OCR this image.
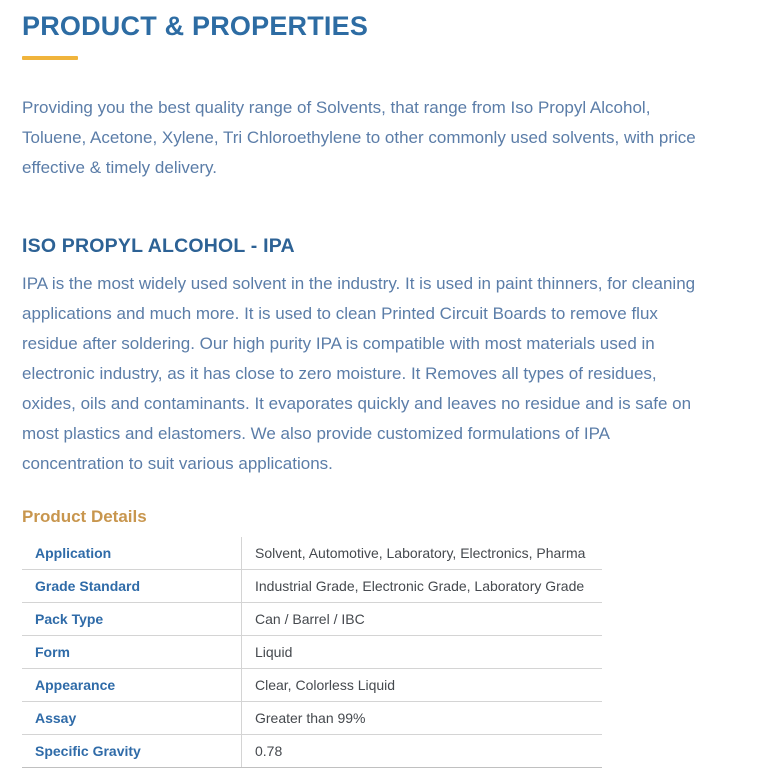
PRODUCT & PROPERTIES

Providing you the best quality range of Solvents, that range from Iso Propyl Alcohol, Toluene, Acetone, Xylene, Tri Chloroethylene to other commonly used solvents, with price effective & timely delivery.

ISO PROPYL ALCOHOL - IPA

IPA is the most widely used solvent in the industry. It is used in paint thinners, for cleaning applications and much more. It is used to clean Printed Circuit Boards to remove flux residue after soldering. Our high purity IPA is compatible with most materials used in electronic industry, as it has close to zero moisture. It Removes all types of residues, oxides, oils and contaminants. It evaporates quickly and leaves no residue and is safe on most plastics and elastomers. We also provide customized formulations of IPA concentration to suit various applications.

Product Details
Application	Solvent, Automotive, Laboratory, Electronics, Pharma
Grade Standard	Industrial Grade, Electronic Grade, Laboratory Grade
Pack Type	Can / Barrel / IBC
Form	Liquid
Appearance	Clear, Colorless Liquid
Assay	Greater than 99%
Specific Gravity	0.78
